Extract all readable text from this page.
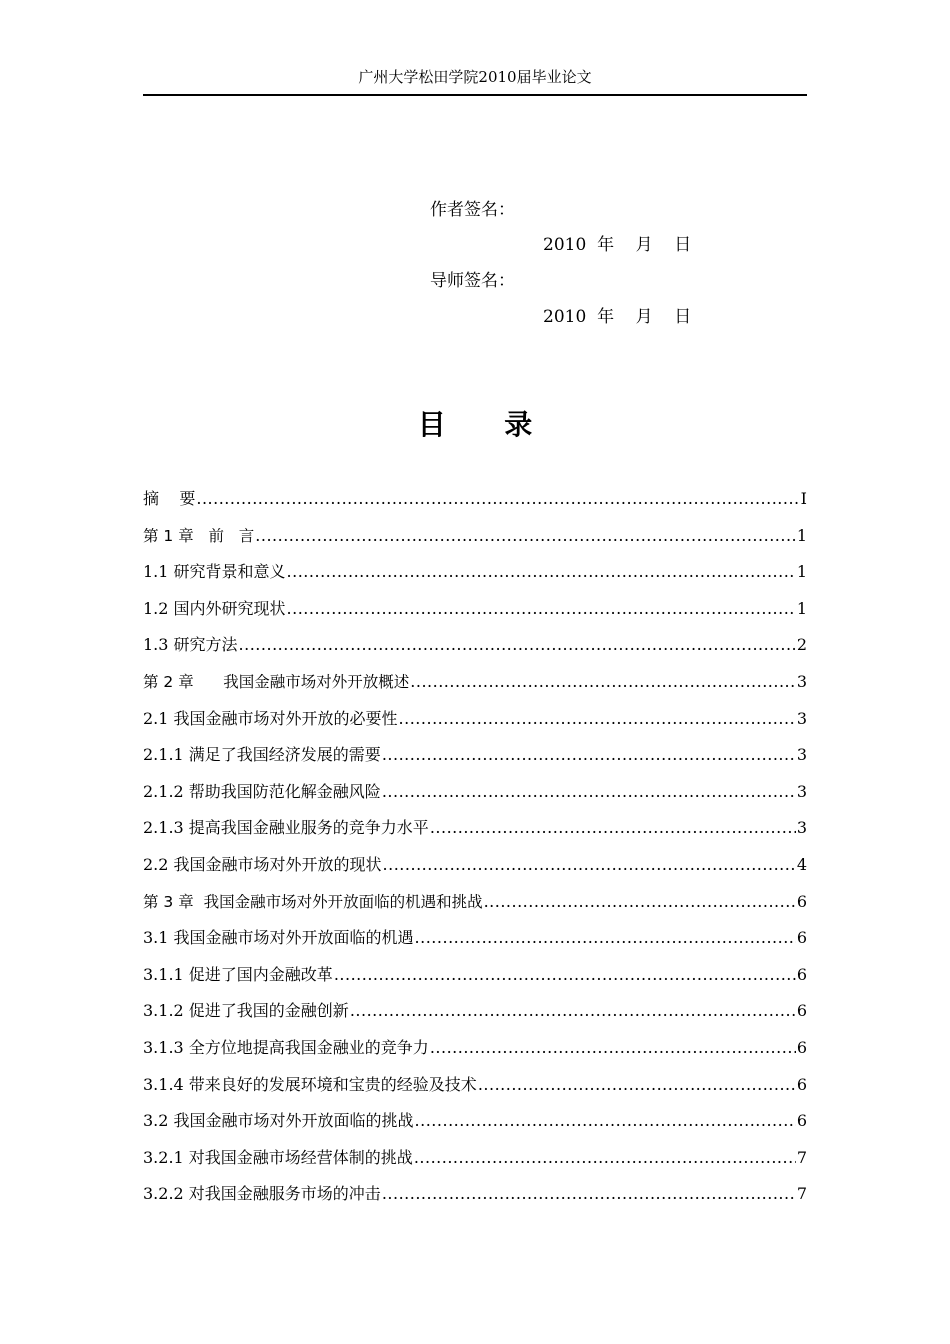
广州大学松田学院2010届毕业论文
作者签名：
2010  年    月    日
导师签名：
2010  年    月    日
目      录
摘    要 .....	I
第 1 章   前   言 .....	1
1.1 研究背景和意义 .....	1
1.2 国内外研究现状 .....	1
1.3 研究方法 .....	2
第 2 章      我国金融市场对外开放概述 .....	3
2.1 我国金融市场对外开放的必要性 .....	3
2.1.1 满足了我国经济发展的需要 .....	3
2.1.2 帮助我国防范化解金融风险 .....	3
2.1.3 提高我国金融业服务的竞争力水平 .....	3
2.2 我国金融市场对外开放的现状 .....	4
第 3 章  我国金融市场对外开放面临的机遇和挑战 .....	6
3.1 我国金融市场对外开放面临的机遇 .....	6
3.1.1 促进了国内金融改革 .....	6
3.1.2 促进了我国的金融创新 .....	6
3.1.3 全方位地提高我国金融业的竞争力 .....	6
3.1.4 带来良好的发展环境和宝贵的经验及技术 .....	6
3.2 我国金融市场对外开放面临的挑战 .....	6
3.2.1 对我国金融市场经营体制的挑战 .....	7
3.2.2 对我国金融服务市场的冲击 .....	7
